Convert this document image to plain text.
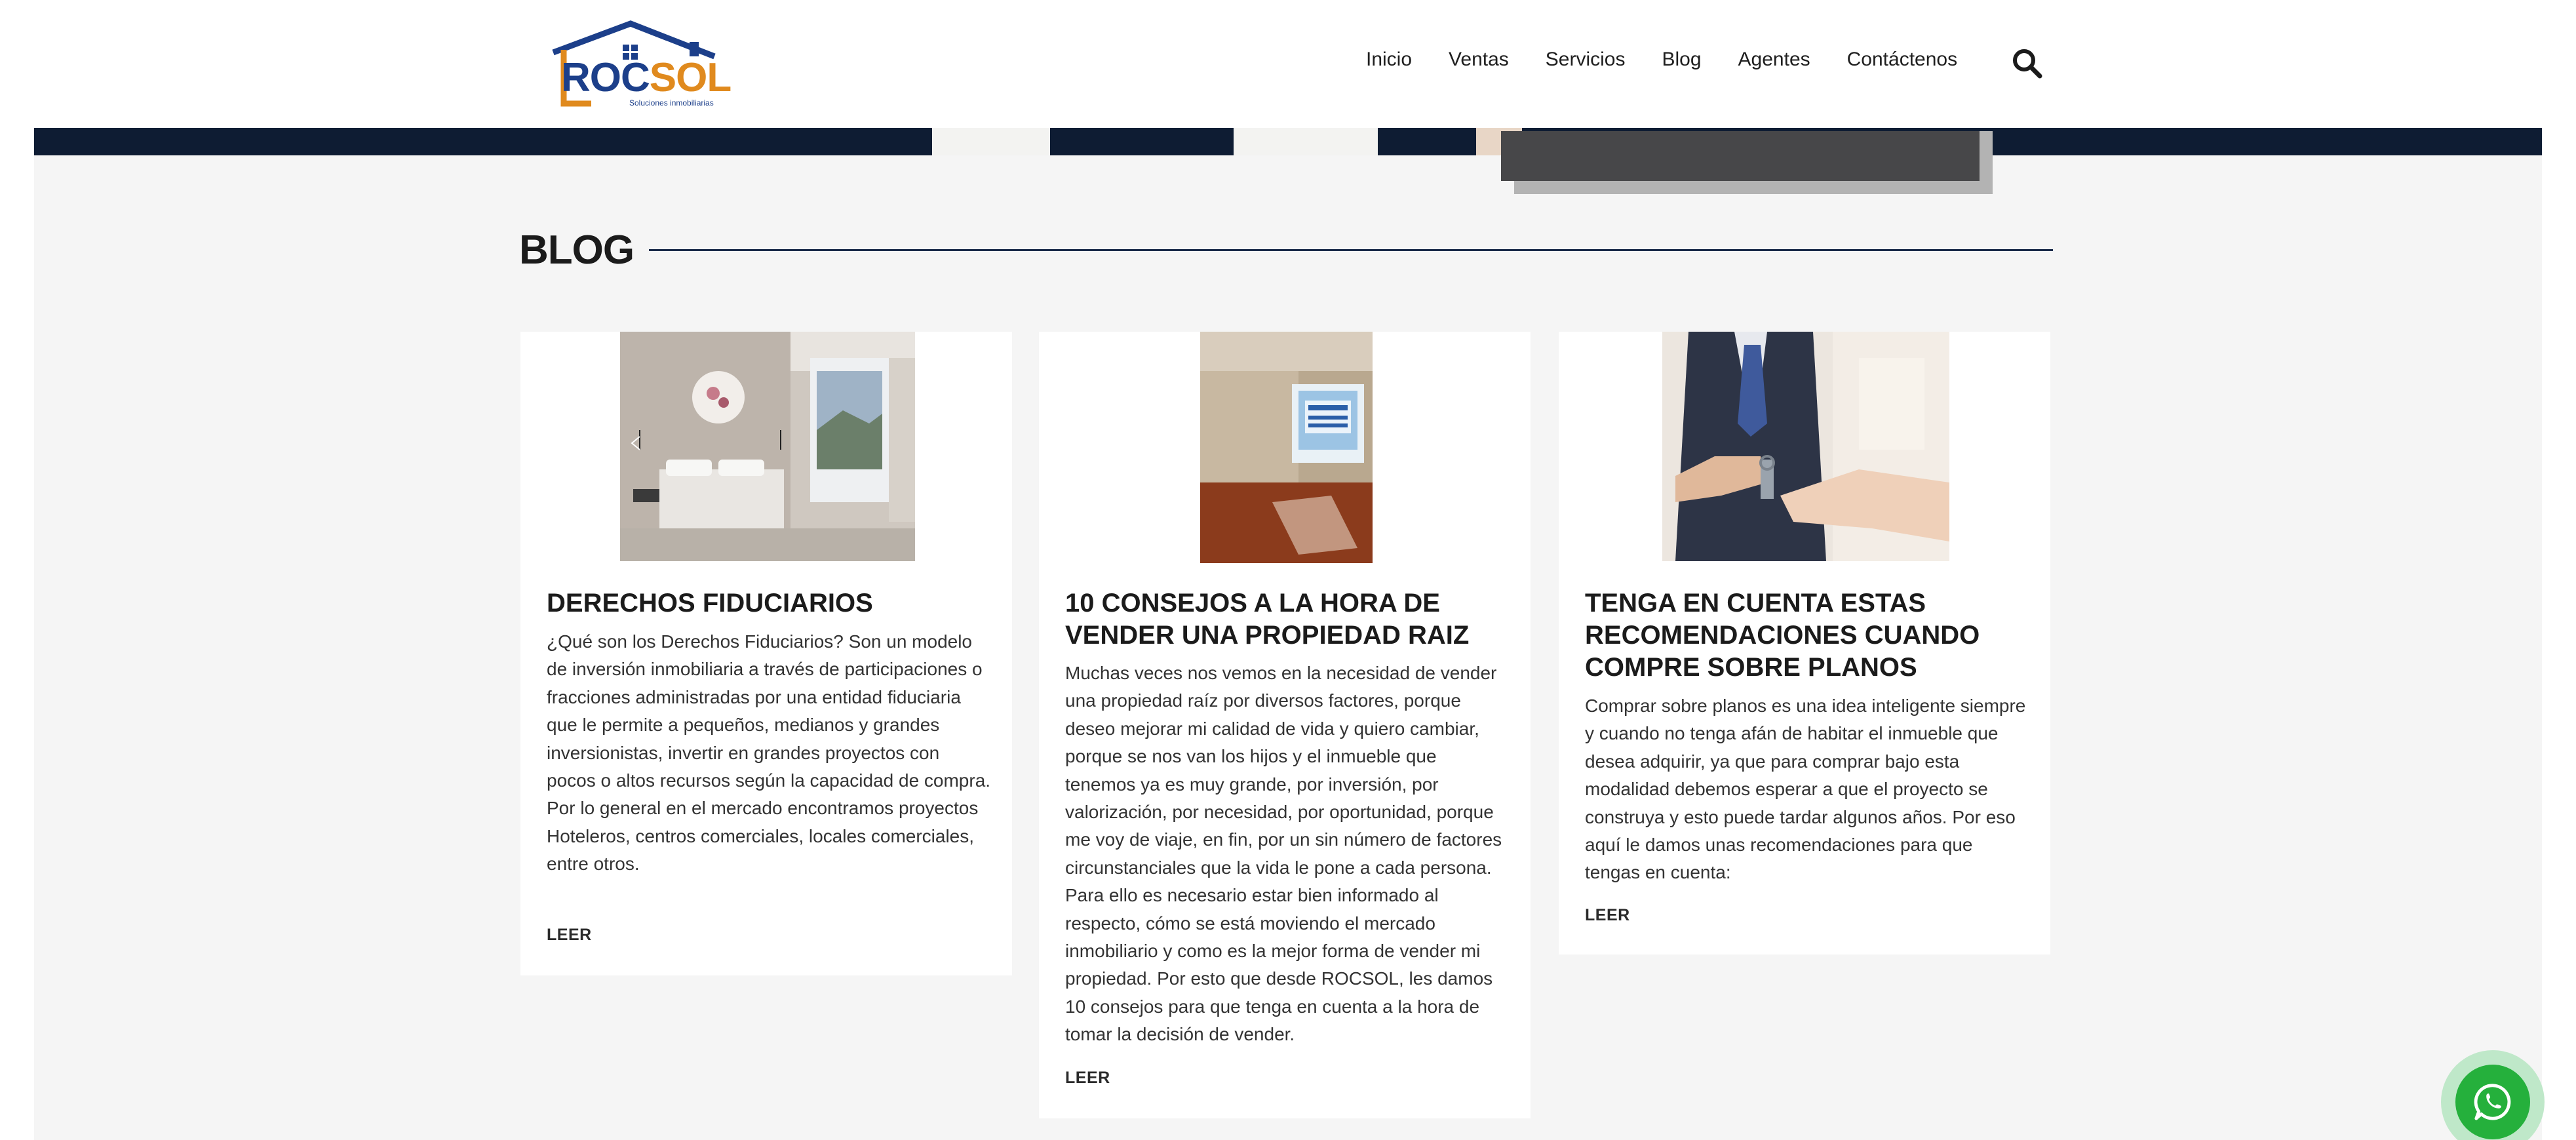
ROCSOL
Soluciones inmobiliarias
Inicio Ventas Servicios Blog Agentes Contáctenos
BLOG
DERECHOS FIDUCIARIOS

¿Qué son los Derechos Fiduciarios? Son un modelo de inversión inmobiliaria a través de participaciones o fracciones administradas por una entidad fiduciaria que le permite a pequeños, medianos y grandes inversionistas, invertir en grandes proyectos con pocos o altos recursos según la capacidad de compra. Por lo general en el mercado encontramos proyectos Hoteleros, centros comerciales, locales comerciales, entre otros.

LEER
10 CONSEJOS A LA HORA DE VENDER UNA PROPIEDAD RAIZ

Muchas veces nos vemos en la necesidad de vender una propiedad raíz por diversos factores, porque deseo mejorar mi calidad de vida y quiero cambiar, porque se nos van los hijos y el inmueble que tenemos ya es muy grande, por inversión, por valorización, por necesidad, por oportunidad, porque me voy de viaje, en fin, por un sin número de factores circunstanciales que la vida le pone a cada persona. Para ello es necesario estar bien informado al respecto, cómo se está moviendo el mercado inmobiliario y como es la mejor forma de vender mi propiedad. Por esto que desde ROCSOL, les damos 10 consejos para que tenga en cuenta a la hora de tomar la decisión de vender.

LEER
TENGA EN CUENTA ESTAS RECOMENDACIONES CUANDO COMPRE SOBRE PLANOS

Comprar sobre planos es una idea inteligente siempre y cuando no tenga afán de habitar el inmueble que desea adquirir, ya que para comprar bajo esta modalidad debemos esperar a que el proyecto se construya y esto puede tardar algunos años. Por eso aquí le damos unas recomendaciones para que tengas en cuenta:

LEER
